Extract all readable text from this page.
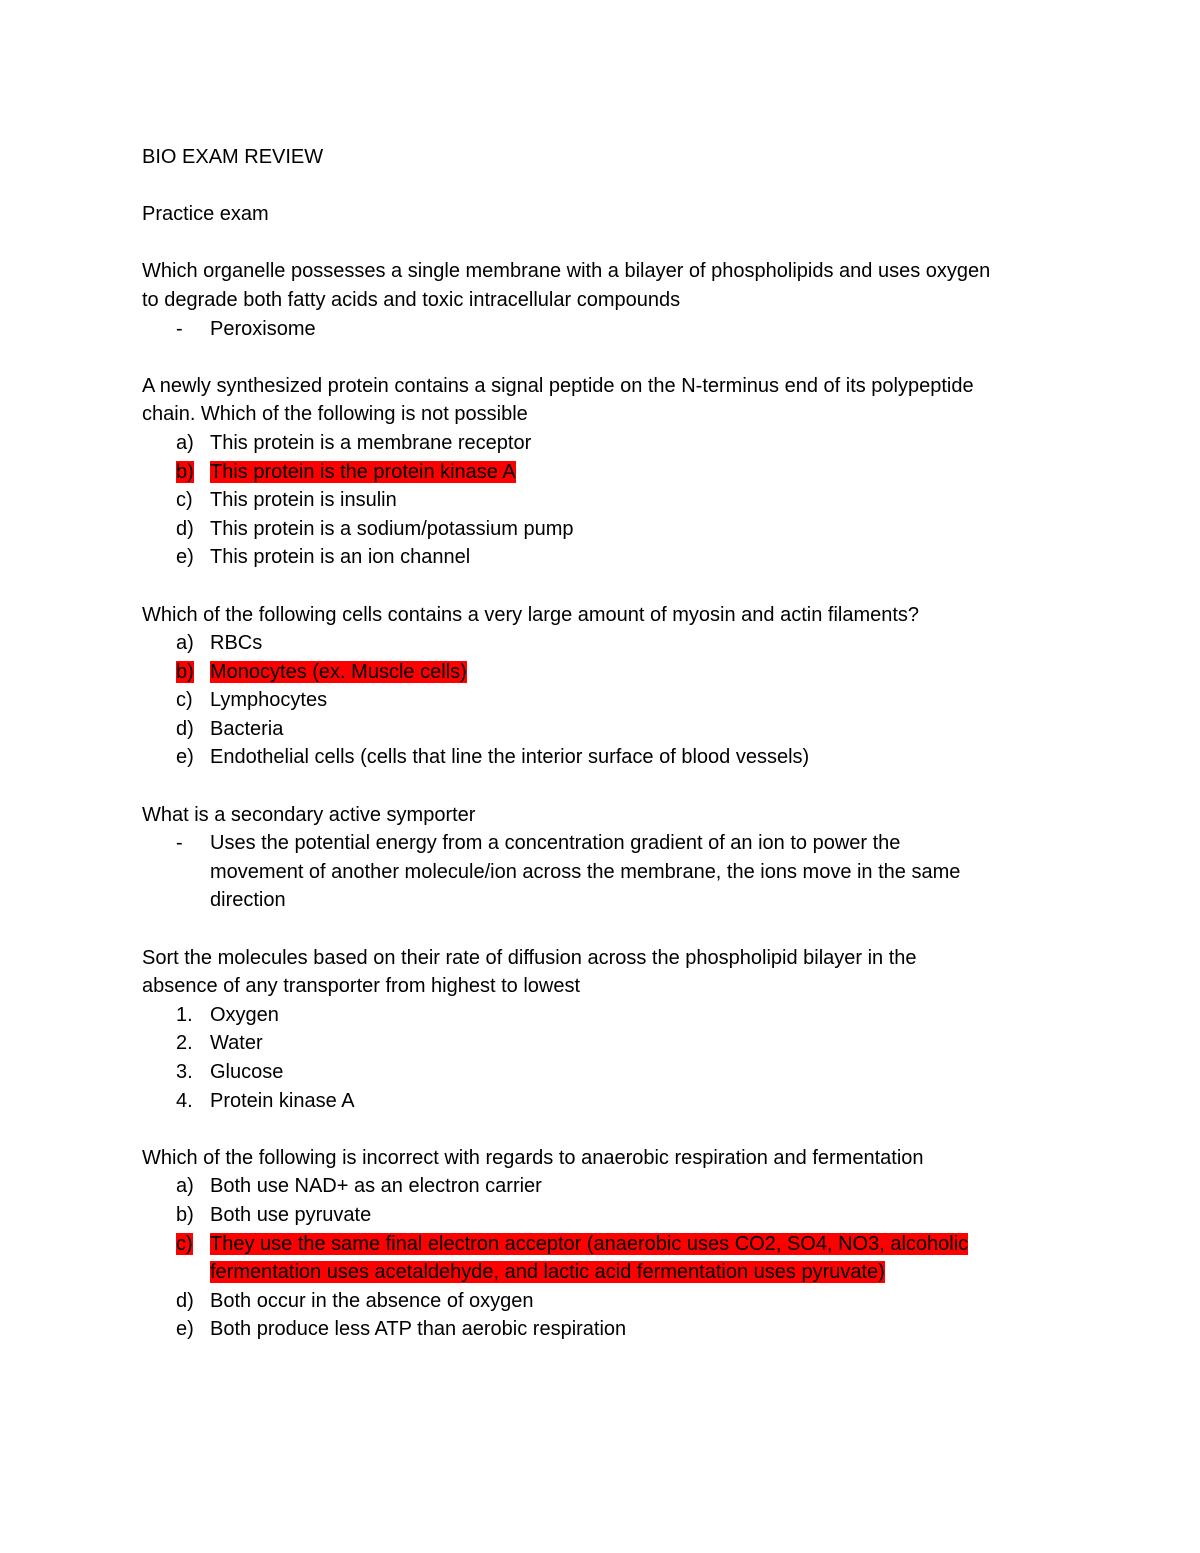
BIO EXAM REVIEW
Practice exam
Which organelle possesses a single membrane with a bilayer of phospholipids and uses oxygen
to degrade both fatty acids and toxic intracellular compounds
-	Peroxisome
A newly synthesized protein contains a signal peptide on the N-terminus end of its polypeptide
chain. Which of the following is not possible
a) This protein is a membrane receptor
b) This protein is the protein kinase A
c) This protein is insulin
d) This protein is a sodium/potassium pump
e) This protein is an ion channel
Which of the following cells contains a very large amount of myosin and actin filaments?
a) RBCs
b) Monocytes (ex. Muscle cells)
c) Lymphocytes
d) Bacteria
e) Endothelial cells (cells that line the interior surface of blood vessels)
What is a secondary active symporter
-	Uses the potential energy from a concentration gradient of an ion to power the
movement of another molecule/ion across the membrane, the ions move in the same
direction
Sort the molecules based on their rate of diffusion across the phospholipid bilayer in the
absence of any transporter from highest to lowest
1. Oxygen
2. Water
3. Glucose
4. Protein kinase A
Which of the following is incorrect with regards to anaerobic respiration and fermentation
a) Both use NAD+ as an electron carrier
b) Both use pyruvate
c) They use the same final electron acceptor (anaerobic uses CO2, SO4, NO3, alcoholic
fermentation uses acetaldehyde, and lactic acid fermentation uses pyruvate)
d) Both occur in the absence of oxygen
e) Both produce less ATP than aerobic respiration
